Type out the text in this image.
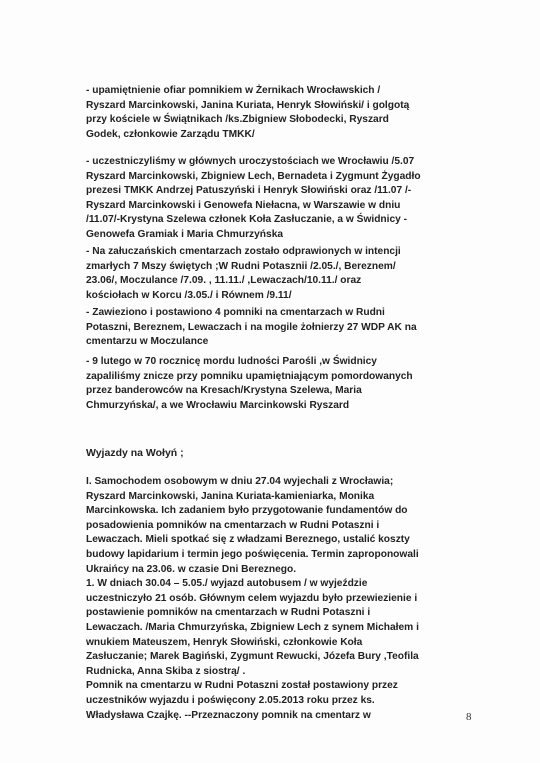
- upamiętnienie ofiar pomnikiem w Żernikach Wrocławskich /
Ryszard Marcinkowski, Janina Kuriata, Henryk Słowiński/ i golgotą
przy kościele w Świątnikach /ks.Zbigniew Słobodecki, Ryszard
Godek, członkowie Zarządu TMKK/
- uczestniczyliśmy w głównych uroczystościach we Wrocławiu /5.07
Ryszard Marcinkowski, Zbigniew Lech, Bernadeta i Zygmunt Żygadło
prezesi TMKK Andrzej Patuszyński i Henryk Słowiński oraz /11.07 /-
Ryszard Marcinkowski i Genowefa Niełacna, w Warszawie w dniu
/11.07/-Krystyna Szelewa członek Koła Zasłuczanie, a w Świdnicy -
Genowefa Gramiak i Maria Chmurzyńska
- Na załuczańskich cmentarzach zostało odprawionych w intencji
zmarłych 7 Mszy świętych ;W Rudni Potasznii /2.05./, Bereznem/
23.06/, Moczulance /7.09. , 11.11./ ,Lewaczach/10.11./ oraz
kościołach w Korcu /3.05./ i Równem /9.11/
- Zawieziono i postawiono 4 pomniki na cmentarzach w Rudni
Potaszni, Bereznem, Lewaczach i na mogile żołnierzy 27 WDP AK na
cmentarzu w Moczulance
- 9 lutego w 70 rocznicę mordu ludności Parośli ,w Świdnicy
zapaliliśmy znicze przy pomniku upamiętniającym pomordowanych
przez banderowców na Kresach/Krystyna Szelewa, Maria
Chmurzyńska/, a we Wrocławiu Marcinkowski Ryszard
Wyjazdy na Wołyń ;
I. Samochodem osobowym w dniu 27.04 wyjechali z Wrocławia;
Ryszard Marcinkowski, Janina Kuriata-kamieniarka, Monika
Marcinkowska. Ich zadaniem było przygotowanie fundamentów do
posadowienia pomników na cmentarzach w Rudni Potaszni i
Lewaczach. Mieli spotkać się z władzami Bereznego, ustalić koszty
budowy lapidarium i termin jego poświęcenia. Termin zaproponowali
Ukraińcy na 23.06. w czasie Dni Bereznego.
1. W dniach 30.04 – 5.05./ wyjazd autobusem / w wyjeździe
uczestniczyło 21 osób. Głównym celem wyjazdu było przewiezienie i
postawienie pomników na cmentarzach w Rudni Potaszni i
Lewaczach. /Maria Chmurzyńska, Zbigniew Lech z synem Michałem i
wnukiem Mateuszem, Henryk Słowiński, członkowie Koła
Zasłuczanie; Marek Bagiński, Zygmunt Rewucki, Józefa Bury ,Teofila
Rudnicka, Anna Skiba z siostrą/ .
Pomnik na cmentarzu w Rudni Potaszni został postawiony przez
uczestników wyjazdu i poświęcony 2.05.2013 roku przez ks.
Władysława Czajkę. --Przeznaczony pomnik na cmentarz w	8
